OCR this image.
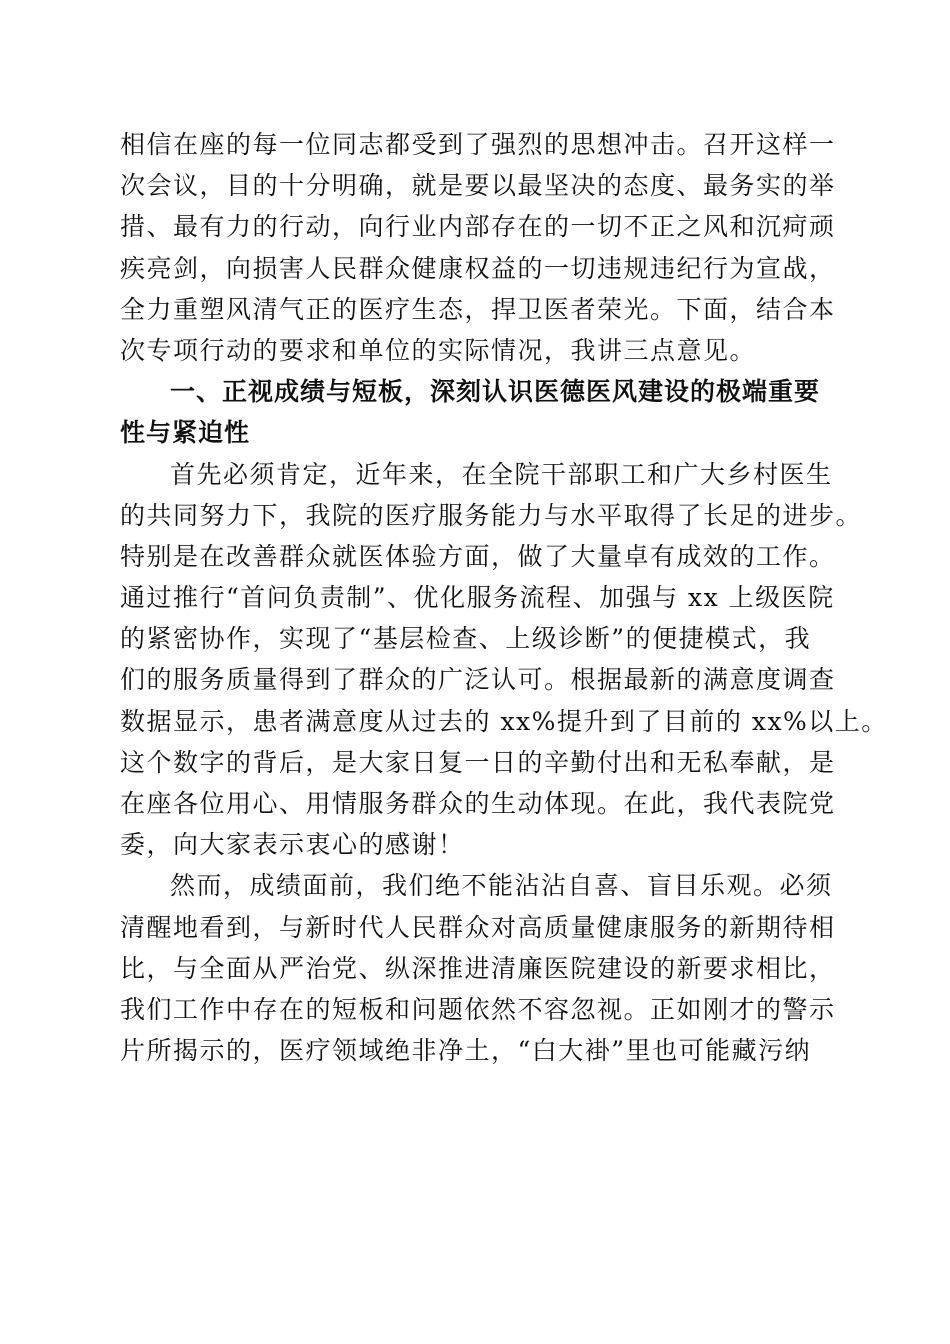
相信在座的每一位同志都受到了强烈的思想冲击。召开这样一
次会议，目的十分明确，就是要以最坚决的态度、最务实的举
措、最有力的行动，向行业内部存在的一切不正之风和沉疴顽
疾亮剑，向损害人民群众健康权益的一切违规违纪行为宣战，
全力重塑风清气正的医疗生态，捍卫医者荣光。下面，结合本
次专项行动的要求和单位的实际情况，我讲三点意见。
一、正视成绩与短板，深刻认识医德医风建设的极端重要
性与紧迫性
首先必须肯定，近年来，在全院干部职工和广大乡村医生
的共同努力下，我院的医疗服务能力与水平取得了长足的进步。
特别是在改善群众就医体验方面，做了大量卓有成效的工作。
通过推行“首问负责制”、优化服务流程、加强与 xx 上级医院
的紧密协作，实现了“基层检查、上级诊断”的便捷模式，我
们的服务质量得到了群众的广泛认可。根据最新的满意度调查
数据显示，患者满意度从过去的 xx%提升到了目前的 xx%以上。
这个数字的背后，是大家日复一日的辛勤付出和无私奉献，是
在座各位用心、用情服务群众的生动体现。在此，我代表院党
委，向大家表示衷心的感谢！
然而，成绩面前，我们绝不能沾沾自喜、盲目乐观。必须
清醒地看到，与新时代人民群众对高质量健康服务的新期待相
比，与全面从严治党、纵深推进清廉医院建设的新要求相比，
我们工作中存在的短板和问题依然不容忽视。正如刚才的警示
片所揭示的，医疗领域绝非净土，“白大褂”里也可能藏污纳
